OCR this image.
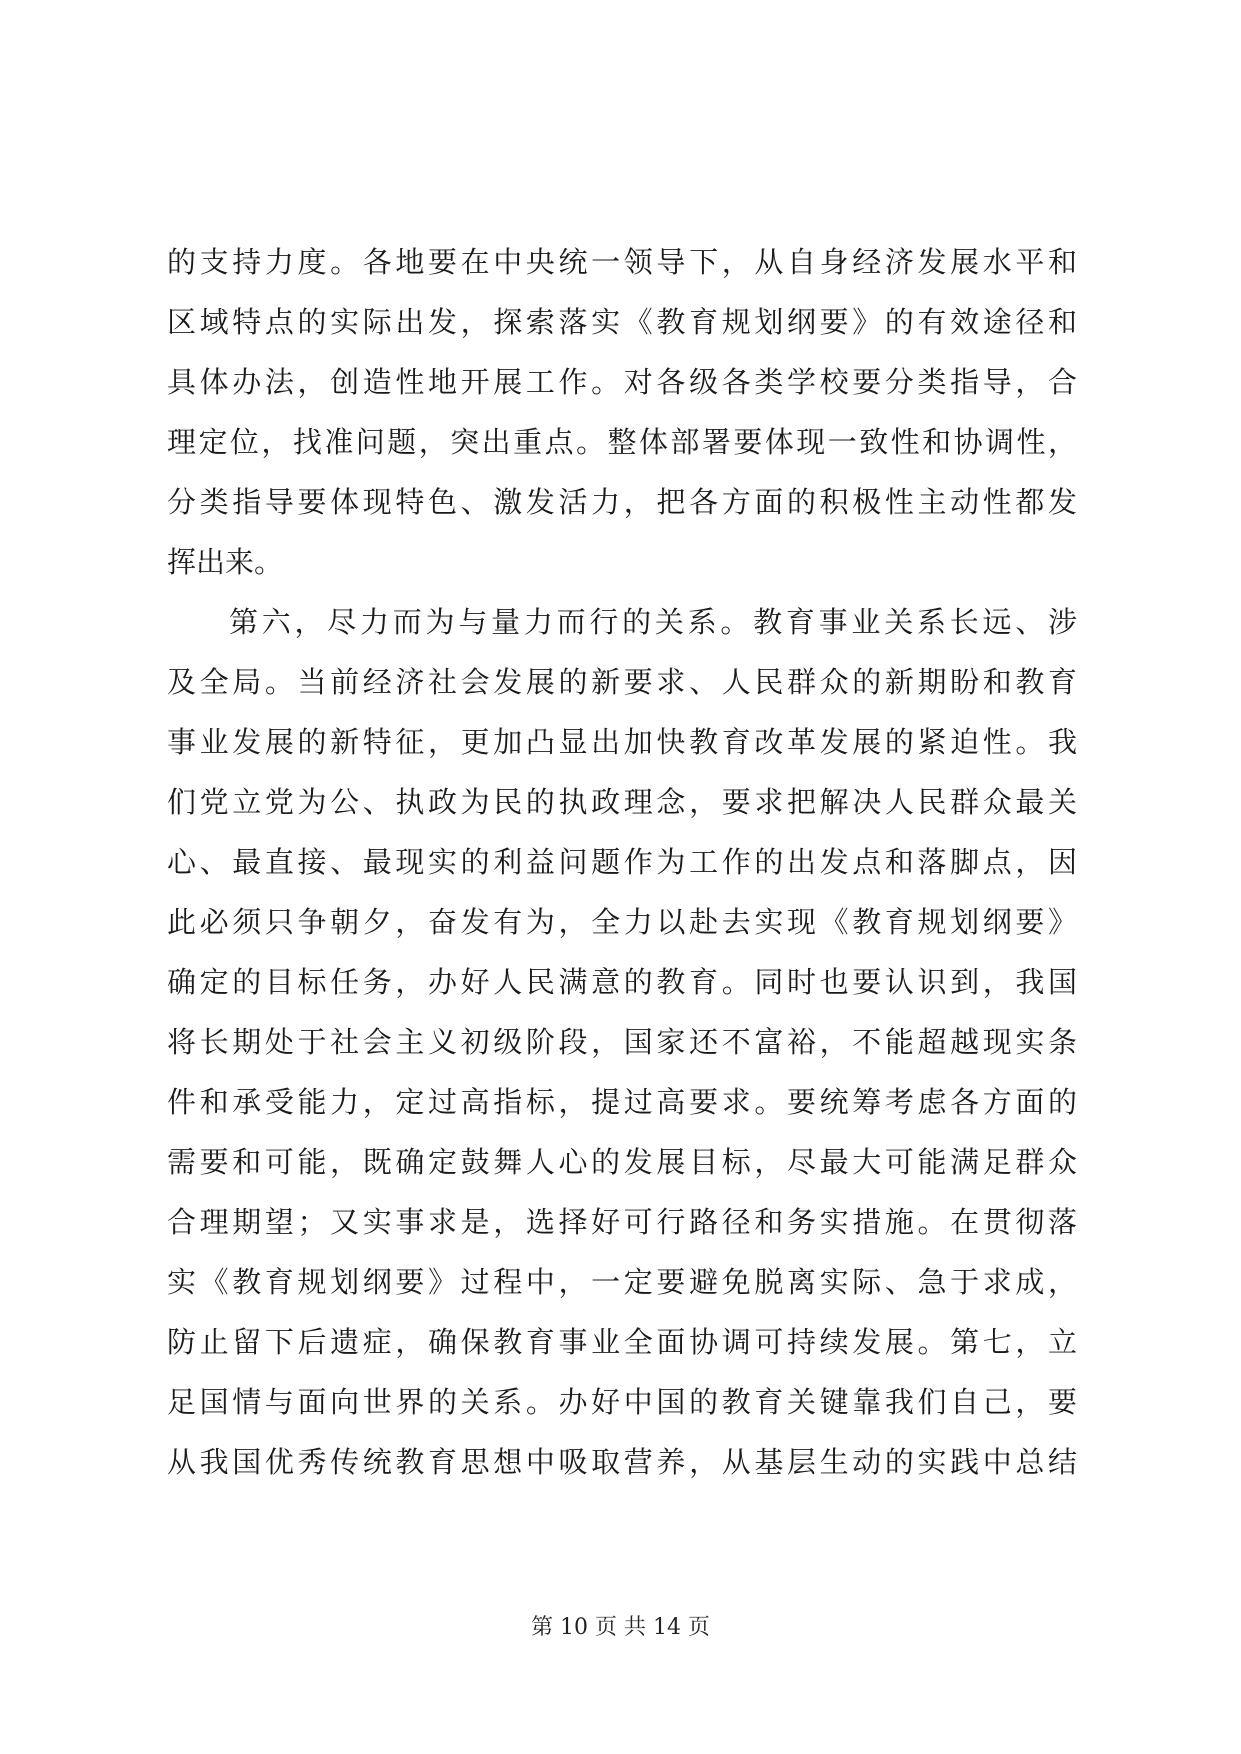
的支持力度。各地要在中央统一领导下，从自身经济发展水平和
区域特点的实际出发，探索落实《教育规划纲要》的有效途径和
具体办法，创造性地开展工作。对各级各类学校要分类指导，合
理定位，找准问题，突出重点。整体部署要体现一致性和协调性，
分类指导要体现特色、激发活力，把各方面的积极性主动性都发
挥出来。
第六，尽力而为与量力而行的关系。教育事业关系长远、涉
及全局。当前经济社会发展的新要求、人民群众的新期盼和教育
事业发展的新特征，更加凸显出加快教育改革发展的紧迫性。我
们党立党为公、执政为民的执政理念，要求把解决人民群众最关
心、最直接、最现实的利益问题作为工作的出发点和落脚点，因
此必须只争朝夕，奋发有为，全力以赴去实现《教育规划纲要》
确定的目标任务，办好人民满意的教育。同时也要认识到，我国
将长期处于社会主义初级阶段，国家还不富裕，不能超越现实条
件和承受能力，定过高指标，提过高要求。要统筹考虑各方面的
需要和可能，既确定鼓舞人心的发展目标，尽最大可能满足群众
合理期望；又实事求是，选择好可行路径和务实措施。在贯彻落
实《教育规划纲要》过程中，一定要避免脱离实际、急于求成，
防止留下后遗症，确保教育事业全面协调可持续发展。第七，立
足国情与面向世界的关系。办好中国的教育关键靠我们自己，要
从我国优秀传统教育思想中吸取营养，从基层生动的实践中总结
第 10 页 共 14 页
